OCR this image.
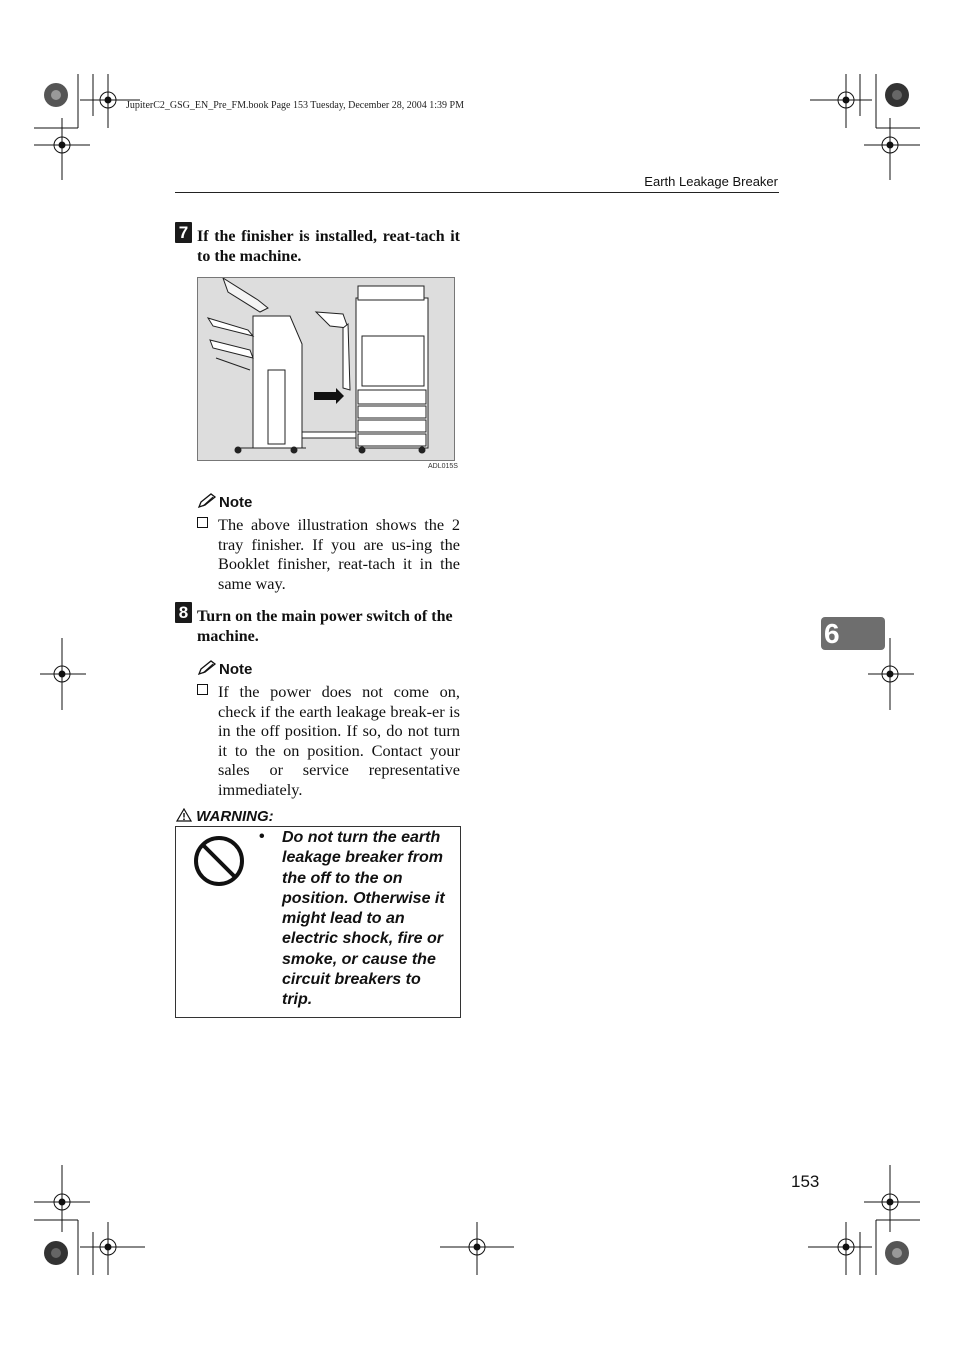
JupiterC2_GSG_EN_Pre_FM.book Page 153 Tuesday, December 28, 2004 1:39 PM
Earth Leakage Breaker
7 If the finisher is installed, reat-tach it to the machine.
ADL015S
Note
The above illustration shows the 2 tray finisher. If you are us-ing the Booklet finisher, reat-tach it in the same way.
8 Turn on the main power switch of the machine.
Note
If the power does not come on, check if the earth leakage break-er is in the off position. If so, do not turn it to the on position. Contact your sales or service representative immediately.
WARNING:
• Do not turn the earth leakage breaker from the off to the on position. Otherwise it might lead to an electric shock, fire or smoke, or cause the circuit breakers to trip.
6
153
